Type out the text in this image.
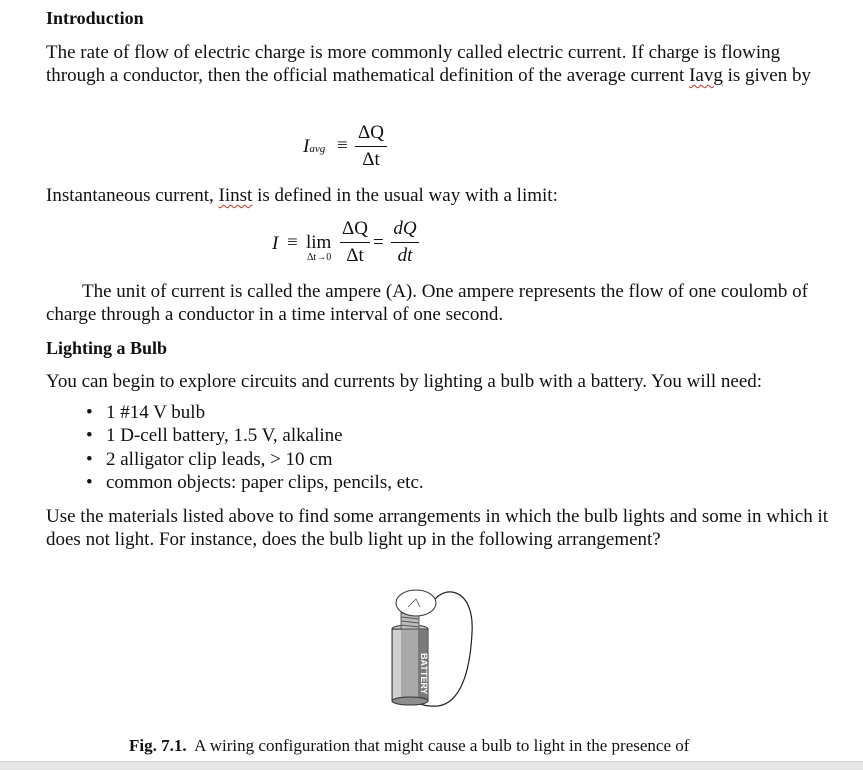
Introduction

The rate of flow of electric charge is more commonly called electric current. If charge is flowing through a conductor, then the official mathematical definition of the average current Iavg is given by

Iavg ≡
ΔQ
Δt

Instantaneous current, Iinst is defined in the usual way with a limit:

I ≡ lim
Δt→0
ΔQ
Δt
=
dQ
dt

The unit of current is called the ampere (A). One ampere represents the flow of one coulomb of charge through a conductor in a time interval of one second.

Lighting a Bulb

You can begin to explore circuits and currents by lighting a bulb with a battery. You will need:

• 1 #14 V bulb
• 1 D-cell battery, 1.5 V, alkaline
• 2 alligator clip leads, > 10 cm
• common objects: paper clips, pencils, etc.

Use the materials listed above to find some arrangements in which the bulb lights and some in which it does not light. For instance, does the bulb light up in the following arrangement?

BATTERY

Fig. 7.1.  A wiring configuration that might cause a bulb to light in the presence of
